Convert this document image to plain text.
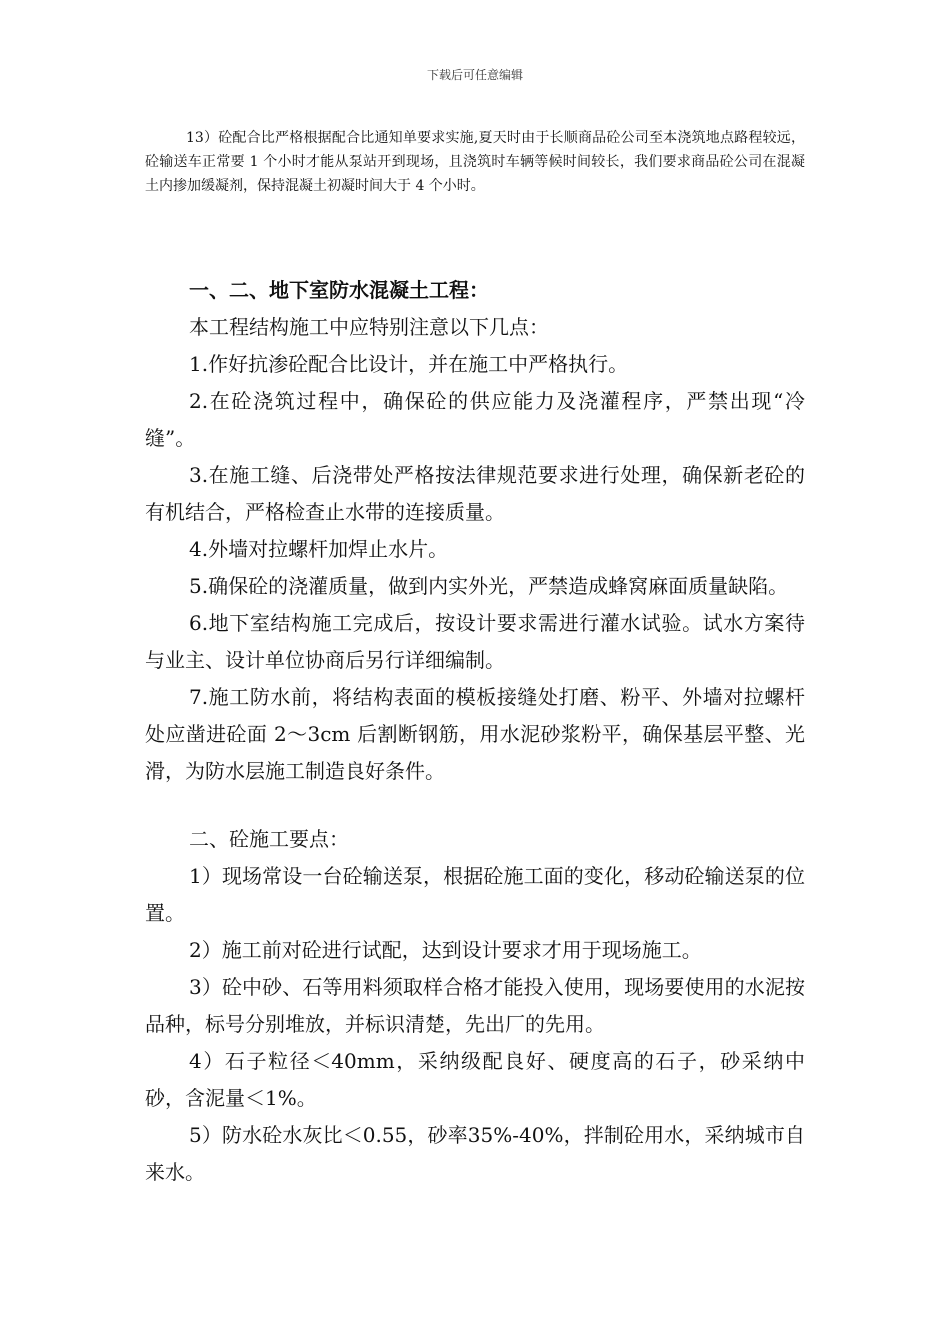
下载后可任意编辑

13）砼配合比严格根据配合比通知单要求实施,夏天时由于长顺商品砼公司至本浇筑地点路程较远，砼输送车正常要 1 个小时才能从泵站开到现场，且浇筑时车辆等候时间较长，我们要求商品砼公司在混凝土内掺加缓凝剂，保持混凝土初凝时间大于 4 个小时。

一、二、地下室防水混凝土工程：

本工程结构施工中应特别注意以下几点：

1.作好抗渗砼配合比设计，并在施工中严格执行。

2.在砼浇筑过程中，确保砼的供应能力及浇灌程序，严禁出现“冷缝”。

3.在施工缝、后浇带处严格按法律规范要求进行处理，确保新老砼的有机结合，严格检查止水带的连接质量。

4.外墙对拉螺杆加焊止水片。

5.确保砼的浇灌质量，做到内实外光，严禁造成蜂窝麻面质量缺陷。

6.地下室结构施工完成后，按设计要求需进行灌水试验。试水方案待与业主、设计单位协商后另行详细编制。

7.施工防水前，将结构表面的模板接缝处打磨、粉平、外墙对拉螺杆处应凿进砼面 2～3cm 后割断钢筋，用水泥砂浆粉平，确保基层平整、光滑，为防水层施工制造良好条件。

二、砼施工要点：

1）现场常设一台砼输送泵，根据砼施工面的变化，移动砼输送泵的位置。

2）施工前对砼进行试配，达到设计要求才用于现场施工。

3）砼中砂、石等用料须取样合格才能投入使用，现场要使用的水泥按品种，标号分别堆放，并标识清楚，先出厂的先用。

4）石子粒径＜40mm，采纳级配良好、硬度高的石子，砂采纳中砂，含泥量＜1%。

5）防水砼水灰比＜0.55，砂率35%-40%，拌制砼用水，采纳城市自来水。
